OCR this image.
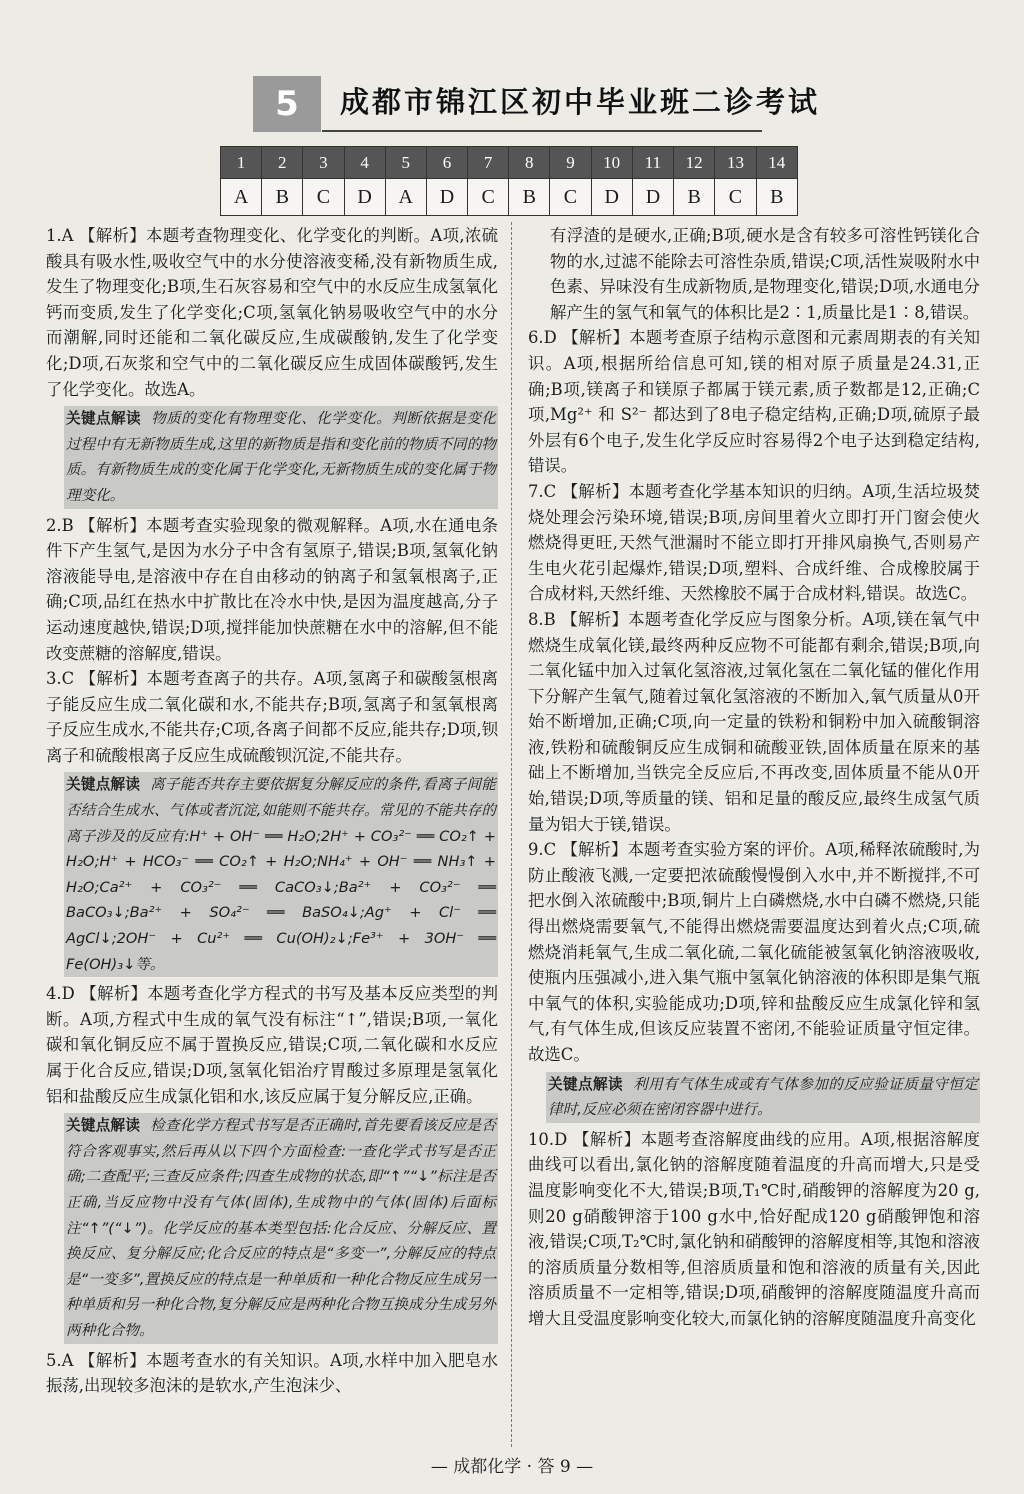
5	成都市锦江区初中毕业班二诊考试
1	2	3	4	5	6	7	8	9	10	11	12	13	14
A	B	C	D	A	D	C	B	C	D	D	B	C	B

1.A 【解析】本题考查物理变化、化学变化的判断。A项,浓硫酸具有吸水性,吸收空气中的水分使溶液变稀,没有新物质生成,发生了物理变化;B项,生石灰容易和空气中的水反应生成氢氧化钙而变质,发生了化学变化;C项,氢氧化钠易吸收空气中的水分而潮解,同时还能和二氧化碳反应,生成碳酸钠,发生了化学变化;D项,石灰浆和空气中的二氧化碳反应生成固体碳酸钙,发生了化学变化。故选A。

关键点解读 物质的变化有物理变化、化学变化。判断依据是变化过程中有无新物质生成,这里的新物质是指和变化前的物质不同的物质。有新物质生成的变化属于化学变化,无新物质生成的变化属于物理变化。

2.B 【解析】本题考查实验现象的微观解释。A项,水在通电条件下产生氢气,是因为水分子中含有氢原子,错误;B项,氢氧化钠溶液能导电,是溶液中存在自由移动的钠离子和氢氧根离子,正确;C项,品红在热水中扩散比在冷水中快,是因为温度越高,分子运动速度越快,错误;D项,搅拌能加快蔗糖在水中的溶解,但不能改变蔗糖的溶解度,错误。

3.C 【解析】本题考查离子的共存。A项,氢离子和碳酸氢根离子能反应生成二氧化碳和水,不能共存;B项,氢离子和氢氧根离子反应生成水,不能共存;C项,各离子间都不反应,能共存;D项,钡离子和硫酸根离子反应生成硫酸钡沉淀,不能共存。

关键点解读 离子能否共存主要依据复分解反应的条件,看离子间能否结合生成水、气体或者沉淀,如能则不能共存。常见的不能共存的离子涉及的反应有:H⁺ + OH⁻ ══ H₂O;2H⁺ + CO₃²⁻ ══ CO₂↑ + H₂O;H⁺ + HCO₃⁻ ══ CO₂↑ + H₂O;NH₄⁺ + OH⁻ ══ NH₃↑ + H₂O;Ca²⁺ + CO₃²⁻ ══ CaCO₃↓;Ba²⁺ + CO₃²⁻ ══ BaCO₃↓;Ba²⁺ + SO₄²⁻ ══ BaSO₄↓;Ag⁺ + Cl⁻ ══ AgCl↓;2OH⁻ + Cu²⁺ ══ Cu(OH)₂↓;Fe³⁺ + 3OH⁻ ══ Fe(OH)₃↓等。

4.D 【解析】本题考查化学方程式的书写及基本反应类型的判断。A项,方程式中生成的氧气没有标注“↑”,错误;B项,一氧化碳和氧化铜反应不属于置换反应,错误;C项,二氧化碳和水反应属于化合反应,错误;D项,氢氧化铝治疗胃酸过多原理是氢氧化铝和盐酸反应生成氯化铝和水,该反应属于复分解反应,正确。

关键点解读 检查化学方程式书写是否正确时,首先要看该反应是否符合客观事实,然后再从以下四个方面检查:一查化学式书写是否正确;二查配平;三查反应条件;四查生成物的状态,即“↑”“↓”标注是否正确,当反应物中没有气体(固体),生成物中的气体(固体)后面标注“↑”(“↓”)。化学反应的基本类型包括:化合反应、分解反应、置换反应、复分解反应;化合反应的特点是“多变一”,分解反应的特点是“一变多”,置换反应的特点是一种单质和一种化合物反应生成另一种单质和另一种化合物,复分解反应是两种化合物互换成分生成另外两种化合物。

5.A 【解析】本题考查水的有关知识。A项,水样中加入肥皂水振荡,出现较多泡沫的是软水,产生泡沫少、

有浮渣的是硬水,正确;B项,硬水是含有较多可溶性钙镁化合物的水,过滤不能除去可溶性杂质,错误;C项,活性炭吸附水中色素、异味没有生成新物质,是物理变化,错误;D项,水通电分解产生的氢气和氧气的体积比是2∶1,质量比是1∶8,错误。

6.D 【解析】本题考查原子结构示意图和元素周期表的有关知识。A项,根据所给信息可知,镁的相对原子质量是24.31,正确;B项,镁离子和镁原子都属于镁元素,质子数都是12,正确;C项,Mg²⁺ 和 S²⁻ 都达到了8电子稳定结构,正确;D项,硫原子最外层有6个电子,发生化学反应时容易得2个电子达到稳定结构,错误。

7.C 【解析】本题考查化学基本知识的归纳。A项,生活垃圾焚烧处理会污染环境,错误;B项,房间里着火立即打开门窗会使火燃烧得更旺,天然气泄漏时不能立即打开排风扇换气,否则易产生电火花引起爆炸,错误;D项,塑料、合成纤维、合成橡胶属于合成材料,天然纤维、天然橡胶不属于合成材料,错误。故选C。

8.B 【解析】本题考查化学反应与图象分析。A项,镁在氧气中燃烧生成氧化镁,最终两种反应物不可能都有剩余,错误;B项,向二氧化锰中加入过氧化氢溶液,过氧化氢在二氧化锰的催化作用下分解产生氧气,随着过氧化氢溶液的不断加入,氧气质量从0开始不断增加,正确;C项,向一定量的铁粉和铜粉中加入硫酸铜溶液,铁粉和硫酸铜反应生成铜和硫酸亚铁,固体质量在原来的基础上不断增加,当铁完全反应后,不再改变,固体质量不能从0开始,错误;D项,等质量的镁、铝和足量的酸反应,最终生成氢气质量为铝大于镁,错误。

9.C 【解析】本题考查实验方案的评价。A项,稀释浓硫酸时,为防止酸液飞溅,一定要把浓硫酸慢慢倒入水中,并不断搅拌,不可把水倒入浓硫酸中;B项,铜片上白磷燃烧,水中白磷不燃烧,只能得出燃烧需要氧气,不能得出燃烧需要温度达到着火点;C项,硫燃烧消耗氧气,生成二氧化硫,二氧化硫能被氢氧化钠溶液吸收,使瓶内压强减小,进入集气瓶中氢氧化钠溶液的体积即是集气瓶中氧气的体积,实验能成功;D项,锌和盐酸反应生成氯化锌和氢气,有气体生成,但该反应装置不密闭,不能验证质量守恒定律。故选C。

关键点解读 利用有气体生成或有气体参加的反应验证质量守恒定律时,反应必须在密闭容器中进行。

10.D 【解析】本题考查溶解度曲线的应用。A项,根据溶解度曲线可以看出,氯化钠的溶解度随着温度的升高而增大,只是受温度影响变化不大,错误;B项,T₁℃时,硝酸钾的溶解度为20 g,则20 g硝酸钾溶于100 g水中,恰好配成120 g硝酸钾饱和溶液,错误;C项,T₂℃时,氯化钠和硝酸钾的溶解度相等,其饱和溶液的溶质质量分数相等,但溶质质量和饱和溶液的质量有关,因此溶质质量不一定相等,错误;D项,硝酸钾的溶解度随温度升高而增大且受温度影响变化较大,而氯化钠的溶解度随温度升高变化

— 成都化学 · 答 9 —
